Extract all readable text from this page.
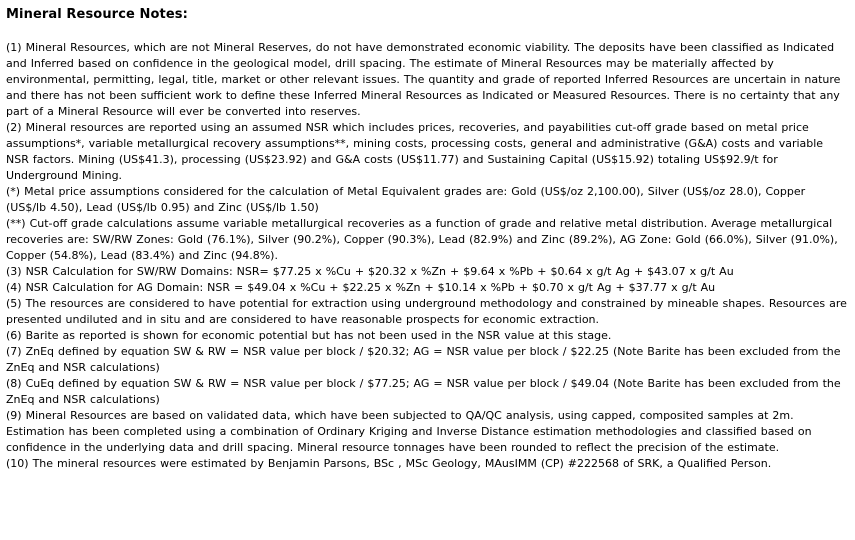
Mineral Resource Notes:

(1) Mineral Resources, which are not Mineral Reserves, do not have demonstrated economic viability. The deposits have been classified as Indicated and Inferred based on confidence in the geological model, drill spacing. The estimate of Mineral Resources may be materially affected by environmental, permitting, legal, title, market or other relevant issues. The quantity and grade of reported Inferred Resources are uncertain in nature and there has not been sufficient work to define these Inferred Mineral Resources as Indicated or Measured Resources. There is no certainty that any part of a Mineral Resource will ever be converted into reserves.

(2) Mineral resources are reported using an assumed NSR which includes prices, recoveries, and payabilities cut-off grade based on metal price assumptions*, variable metallurgical recovery assumptions**, mining costs, processing costs, general and administrative (G&A) costs and variable NSR factors. Mining (US$41.3), processing (US$23.92) and G&A costs (US$11.77) and Sustaining Capital (US$15.92) totaling US$92.9/t for Underground Mining.

(*) Metal price assumptions considered for the calculation of Metal Equivalent grades are: Gold (US$/oz 2,100.00), Silver (US$/oz 28.0), Copper (US$/lb 4.50), Lead (US$/lb 0.95) and Zinc (US$/lb 1.50)

(**) Cut-off grade calculations assume variable metallurgical recoveries as a function of grade and relative metal distribution. Average metallurgical recoveries are: SW/RW Zones: Gold (76.1%), Silver (90.2%), Copper (90.3%), Lead (82.9%) and Zinc (89.2%), AG Zone: Gold (66.0%), Silver (91.0%), Copper (54.8%), Lead (83.4%) and Zinc (94.8%).

(3) NSR Calculation for SW/RW Domains: NSR= $77.25 x %Cu + $20.32 x %Zn + $9.64 x %Pb + $0.64 x g/t Ag + $43.07 x g/t Au

(4) NSR Calculation for AG Domain: NSR = $49.04 x %Cu + $22.25 x %Zn + $10.14 x %Pb + $0.70 x g/t Ag + $37.77 x g/t Au

(5) The resources are considered to have potential for extraction using underground methodology and constrained by mineable shapes. Resources are presented undiluted and in situ and are considered to have reasonable prospects for economic extraction.

(6) Barite as reported is shown for economic potential but has not been used in the NSR value at this stage.

(7) ZnEq defined by equation SW & RW = NSR value per block / $20.32; AG = NSR value per block / $22.25 (Note Barite has been excluded from the ZnEq and NSR calculations)

(8) CuEq defined by equation SW & RW = NSR value per block / $77.25; AG = NSR value per block / $49.04 (Note Barite has been excluded from the ZnEq and NSR calculations)

(9) Mineral Resources are based on validated data, which have been subjected to QA/QC analysis, using capped, composited samples at 2m. Estimation has been completed using a combination of Ordinary Kriging and Inverse Distance estimation methodologies and classified based on confidence in the underlying data and drill spacing. Mineral resource tonnages have been rounded to reflect the precision of the estimate.

(10) The mineral resources were estimated by Benjamin Parsons, BSc , MSc Geology, MAusIMM (CP) #222568 of SRK, a Qualified Person.
